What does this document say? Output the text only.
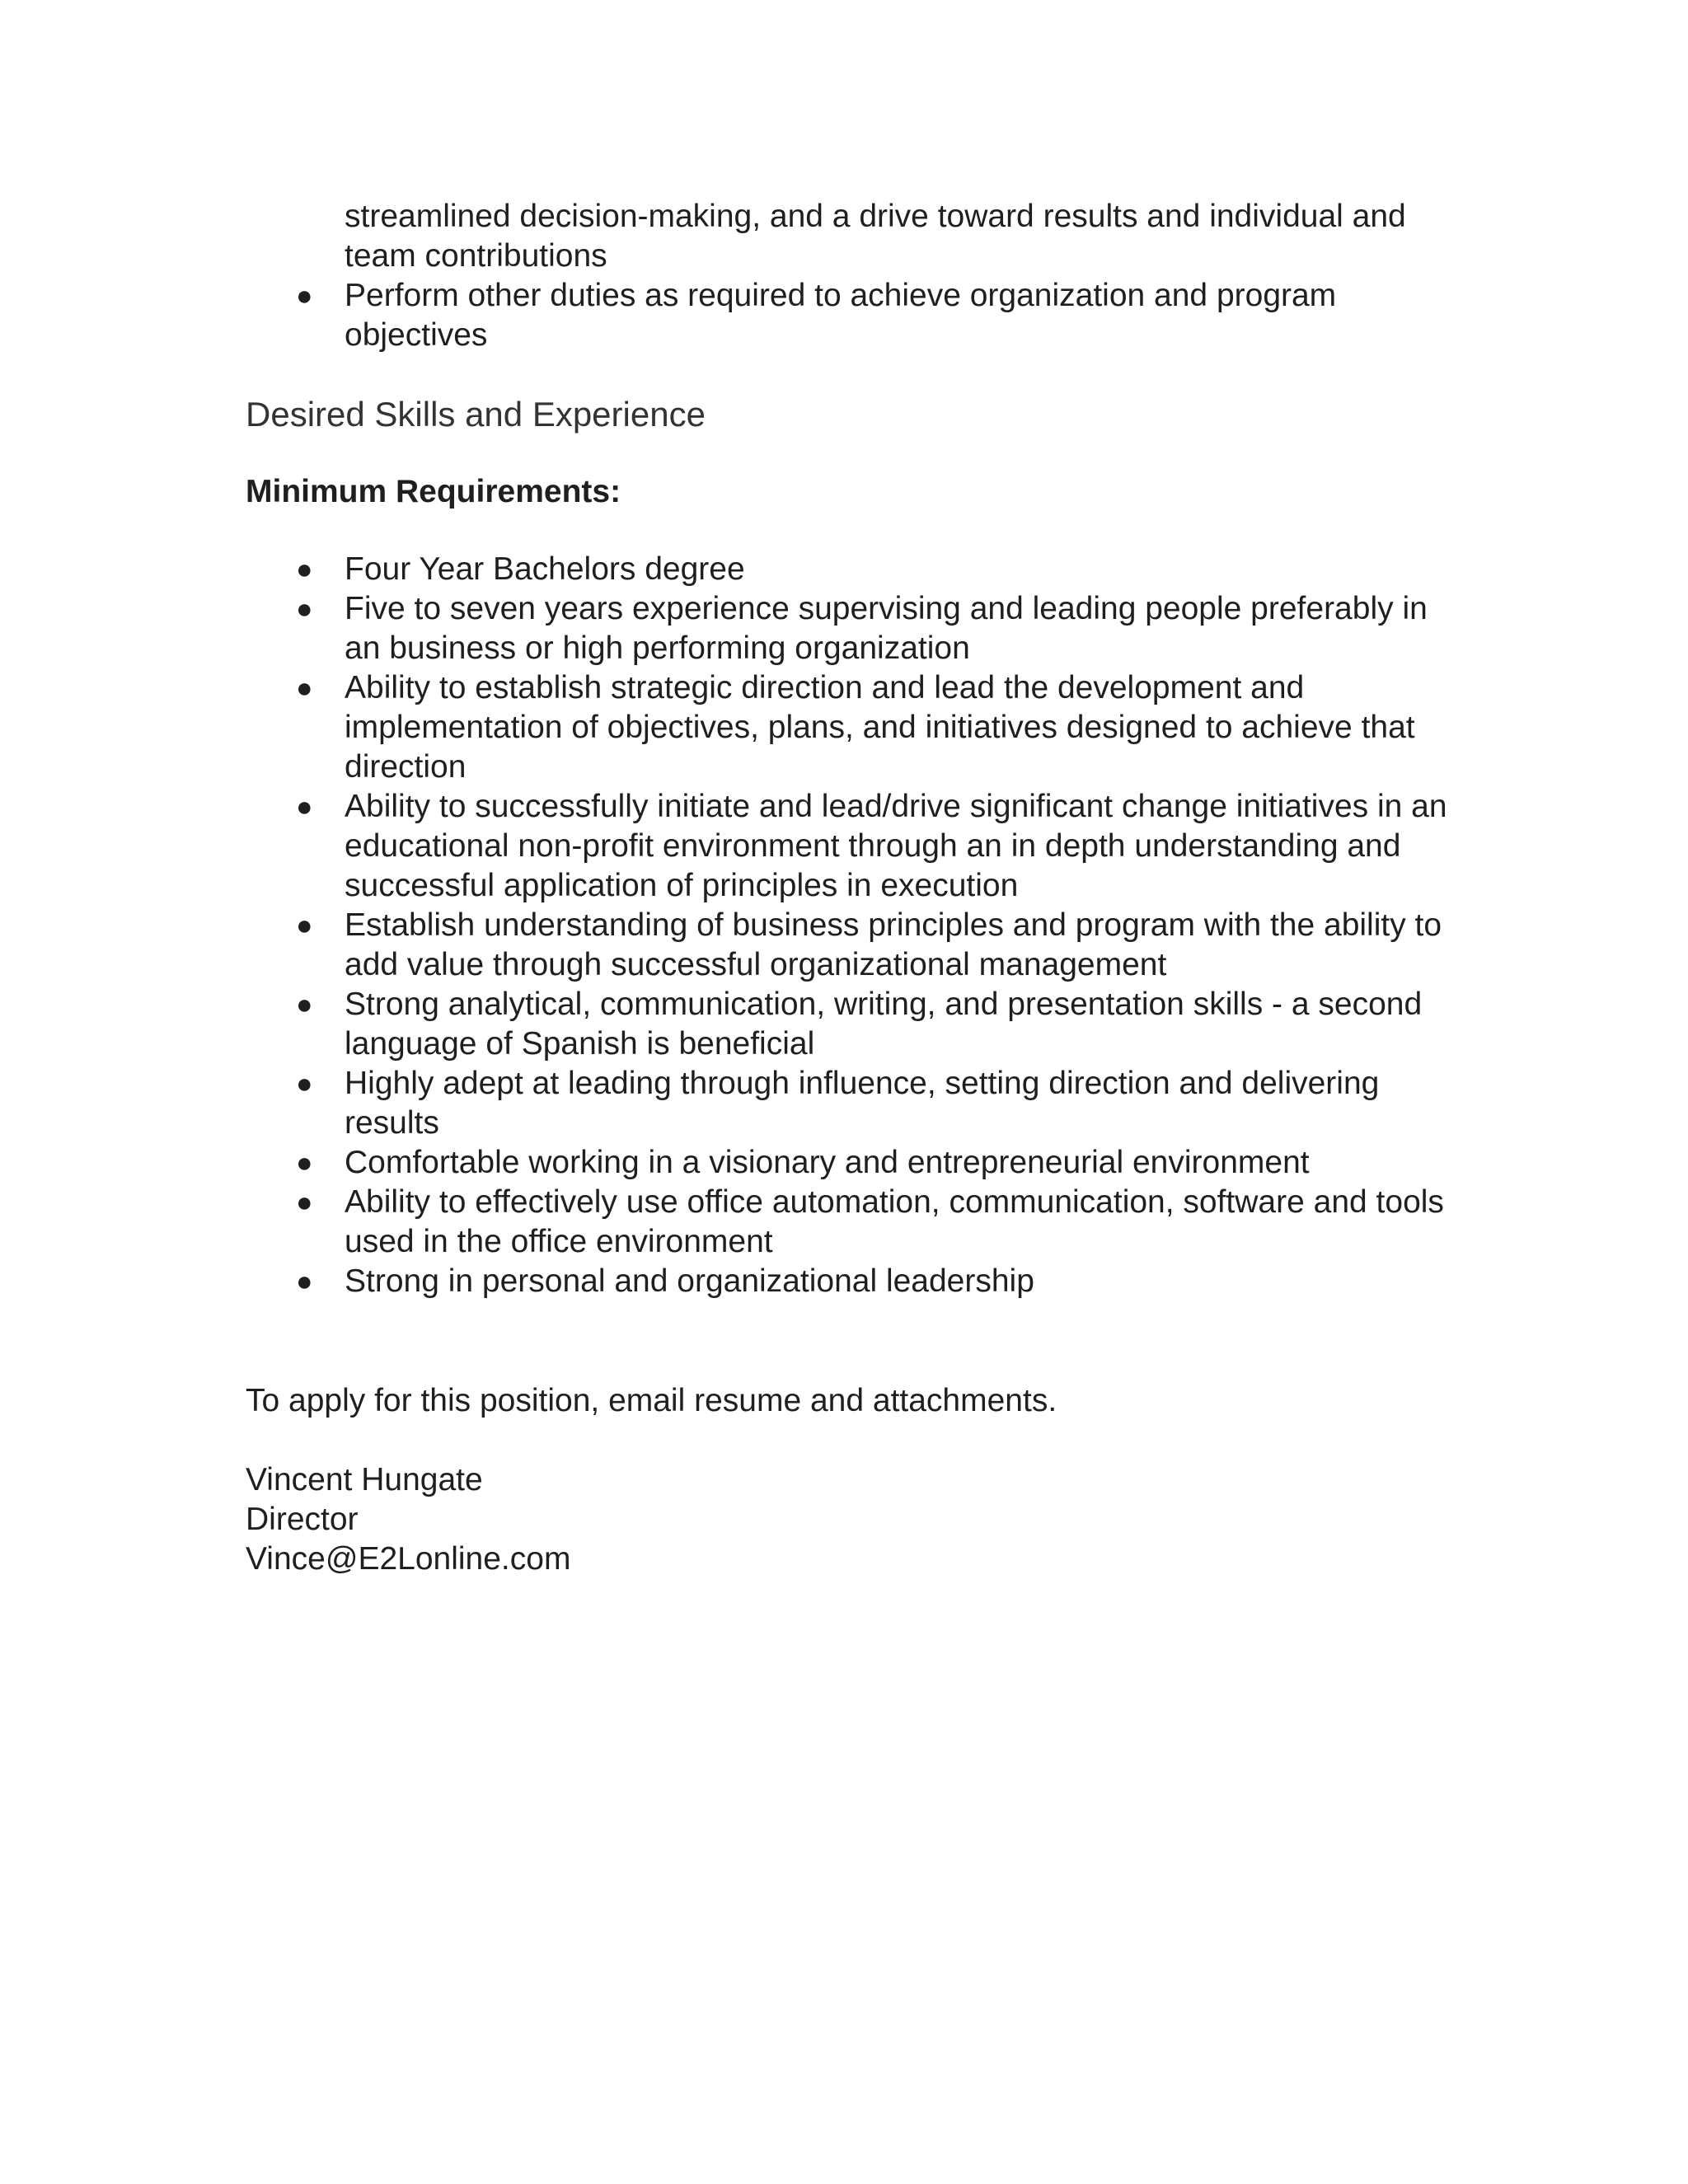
streamlined decision-making, and a drive toward results and individual and team contributions
● Perform other duties as required to achieve organization and program objectives
Desired Skills and Experience
Minimum Requirements:
● Four Year Bachelors degree
● Five to seven years experience supervising and leading people preferably in an business or high performing organization
● Ability to establish strategic direction and lead the development and implementation of objectives, plans, and initiatives designed to achieve that direction
● Ability to successfully initiate and lead/drive significant change initiatives in an educational non-profit environment through an in depth understanding and successful application of principles in execution
● Establish understanding of business principles and program with the ability to add value through successful organizational management
● Strong analytical, communication, writing, and presentation skills - a second language of Spanish is beneficial
● Highly adept at leading through influence, setting direction and delivering results
● Comfortable working in a visionary and entrepreneurial environment
● Ability to effectively use office automation, communication, software and tools used in the office environment
● Strong in personal and organizational leadership
To apply for this position, email resume and attachments.
Vincent Hungate
Director
Vince@E2Lonline.com
